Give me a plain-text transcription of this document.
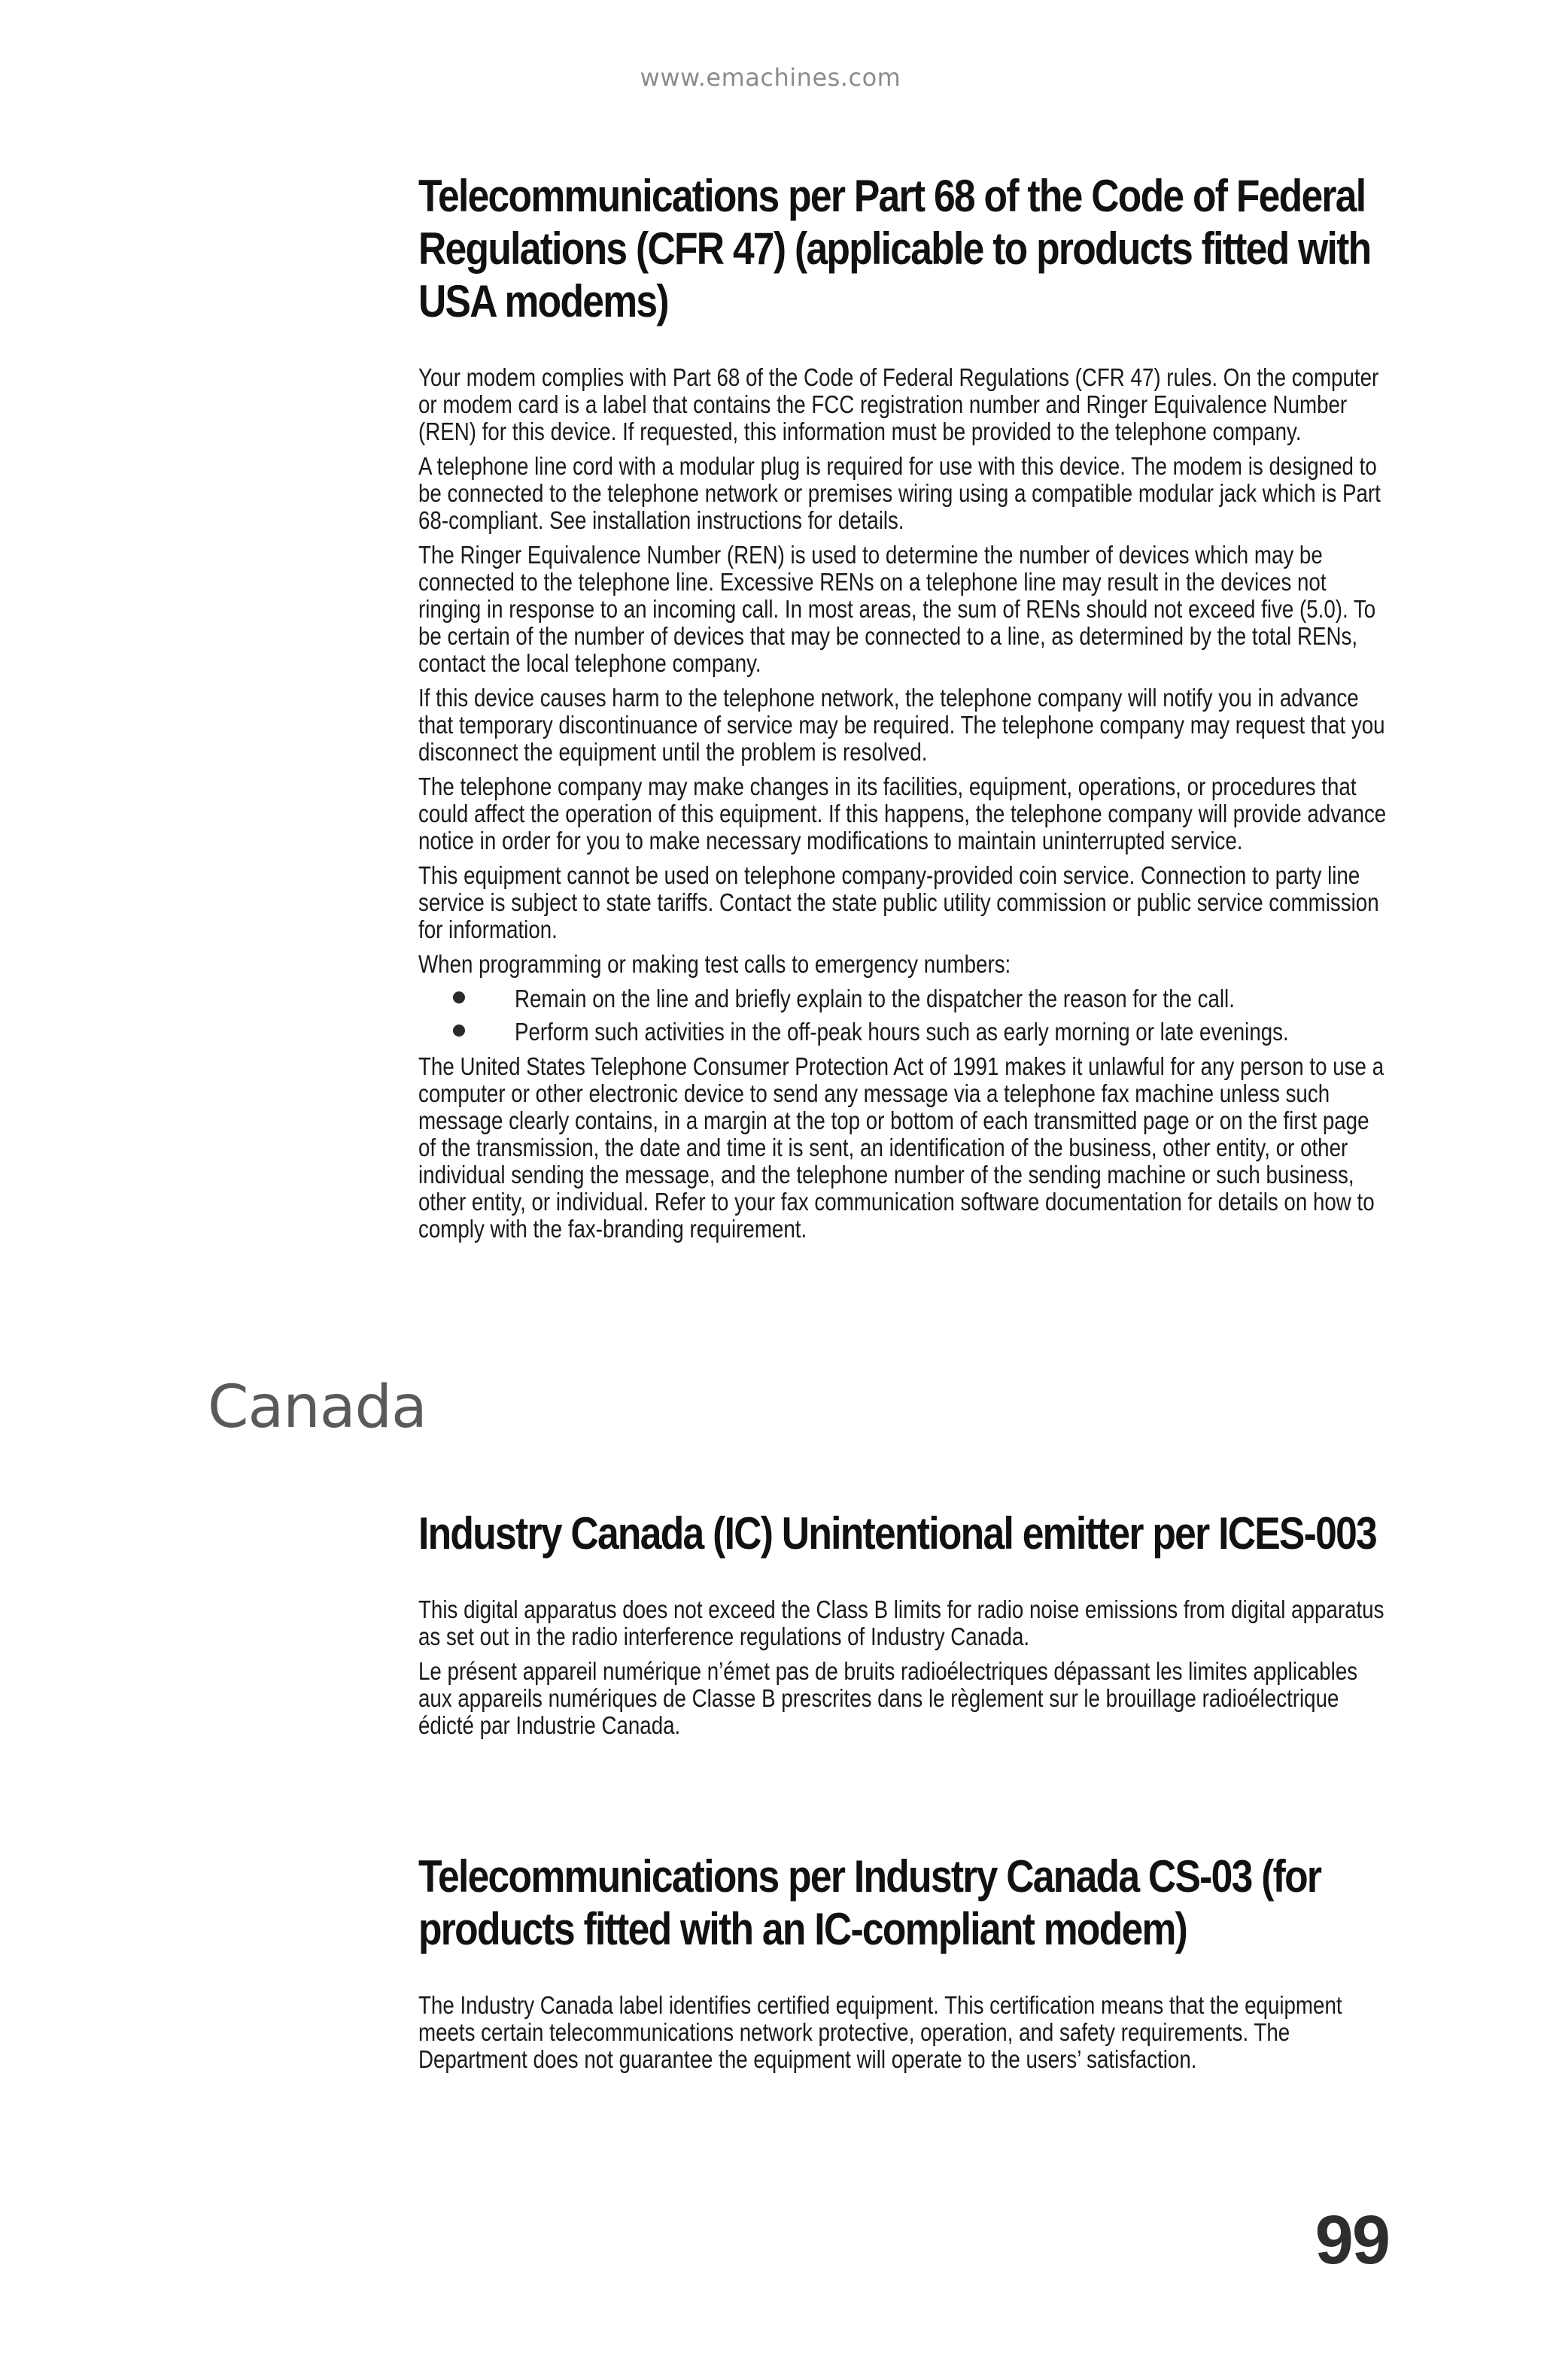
www.emachines.com
Telecommunications per Part 68 of the Code of Federal Regulations (CFR 47) (applicable to products fitted with USA modems)

Your modem complies with Part 68 of the Code of Federal Regulations (CFR 47) rules. On the computer or modem card is a label that contains the FCC registration number and Ringer Equivalence Number (REN) for this device. If requested, this information must be provided to the telephone company.

A telephone line cord with a modular plug is required for use with this device. The modem is designed to be connected to the telephone network or premises wiring using a compatible modular jack which is Part 68-compliant. See installation instructions for details.

The Ringer Equivalence Number (REN) is used to determine the number of devices which may be connected to the telephone line. Excessive RENs on a telephone line may result in the devices not ringing in response to an incoming call. In most areas, the sum of RENs should not exceed five (5.0). To be certain of the number of devices that may be connected to a line, as determined by the total RENs, contact the local telephone company.

If this device causes harm to the telephone network, the telephone company will notify you in advance that temporary discontinuance of service may be required. The telephone company may request that you disconnect the equipment until the problem is resolved.

The telephone company may make changes in its facilities, equipment, operations, or procedures that could affect the operation of this equipment. If this happens, the telephone company will provide advance notice in order for you to make necessary modifications to maintain uninterrupted service.

This equipment cannot be used on telephone company-provided coin service. Connection to party line service is subject to state tariffs. Contact the state public utility commission or public service commission for information.

When programming or making test calls to emergency numbers:

Remain on the line and briefly explain to the dispatcher the reason for the call.
Perform such activities in the off-peak hours such as early morning or late evenings.

The United States Telephone Consumer Protection Act of 1991 makes it unlawful for any person to use a computer or other electronic device to send any message via a telephone fax machine unless such message clearly contains, in a margin at the top or bottom of each transmitted page or on the first page of the transmission, the date and time it is sent, an identification of the business, other entity, or other individual sending the message, and the telephone number of the sending machine or such business, other entity, or individual. Refer to your fax communication software documentation for details on how to comply with the fax-branding requirement.

Canada
Industry Canada (IC) Unintentional emitter per ICES-003

This digital apparatus does not exceed the Class B limits for radio noise emissions from digital apparatus as set out in the radio interference regulations of Industry Canada.

Le présent appareil numérique n’émet pas de bruits radioélectriques dépassant les limites applicables aux appareils numériques de Classe B prescrites dans le règlement sur le brouillage radioélectrique édicté par Industrie Canada.

Telecommunications per Industry Canada CS-03 (for products fitted with an IC-compliant modem)

The Industry Canada label identifies certified equipment. This certification means that the equipment meets certain telecommunications network protective, operation, and safety requirements. The Department does not guarantee the equipment will operate to the users’ satisfaction.

99
